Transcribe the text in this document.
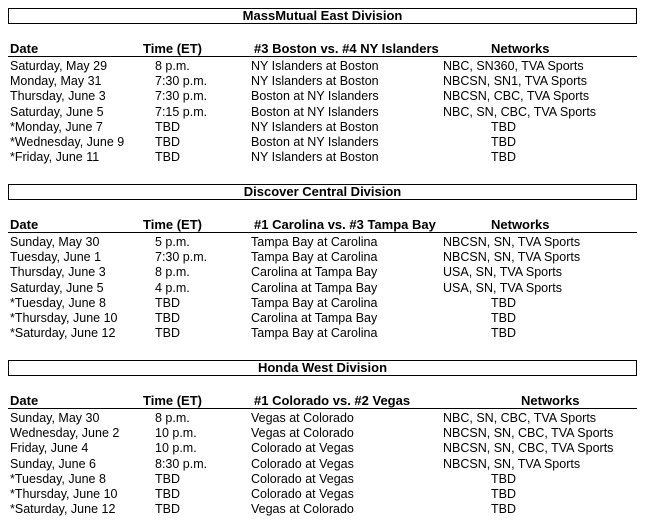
MassMutual East Division
Date	Time (ET)	#3 Boston vs. #4 NY Islanders	Networks
Saturday, May 29	8 p.m.	NY Islanders at Boston	NBC, SN360, TVA Sports
Monday, May 31	7:30 p.m.	NY Islanders at Boston	NBCSN, SN1, TVA Sports
Thursday, June 3	7:30 p.m.	Boston at NY Islanders	NBCSN, CBC, TVA Sports
Saturday, June 5	7:15 p.m.	Boston at NY Islanders	NBC, SN, CBC, TVA Sports
*Monday, June 7	TBD	NY Islanders at Boston	TBD
*Wednesday, June 9 TBD	Boston at NY Islanders	TBD
*Friday, June 11	TBD	NY Islanders at Boston	TBD
Discover Central Division
Date	Time (ET)	#1 Carolina vs. #3 Tampa Bay	Networks
Sunday, May 30	5 p.m.	Tampa Bay at Carolina	NBCSN, SN, TVA Sports
Tuesday, June 1	7:30 p.m.	Tampa Bay at Carolina	NBCSN, SN, TVA Sports
Thursday, June 3	8 p.m.	Carolina at Tampa Bay	USA, SN, TVA Sports
Saturday, June 5	4 p.m.	Carolina at Tampa Bay	USA, SN, TVA Sports
*Tuesday, June 8	TBD	Tampa Bay at Carolina	TBD
*Thursday, June 10	TBD	Carolina at Tampa Bay	TBD
*Saturday, June 12	TBD	Tampa Bay at Carolina	TBD
Honda West Division
Date	Time (ET)	#1 Colorado vs. #2 Vegas	Networks
Sunday, May 30	8 p.m.	Vegas at Colorado	NBC, SN, CBC, TVA Sports
Wednesday, June 2	10 p.m.	Vegas at Colorado	NBCSN, SN, CBC, TVA Sports
Friday, June 4	10 p.m.	Colorado at Vegas	NBCSN, SN, CBC, TVA Sports
Sunday, June 6	8:30 p.m.	Colorado at Vegas	NBCSN, SN, TVA Sports
*Tuesday, June 8	TBD	Colorado at Vegas	TBD
*Thursday, June 10	TBD	Colorado at Vegas	TBD
*Saturday, June 12	TBD	Vegas at Colorado	TBD
